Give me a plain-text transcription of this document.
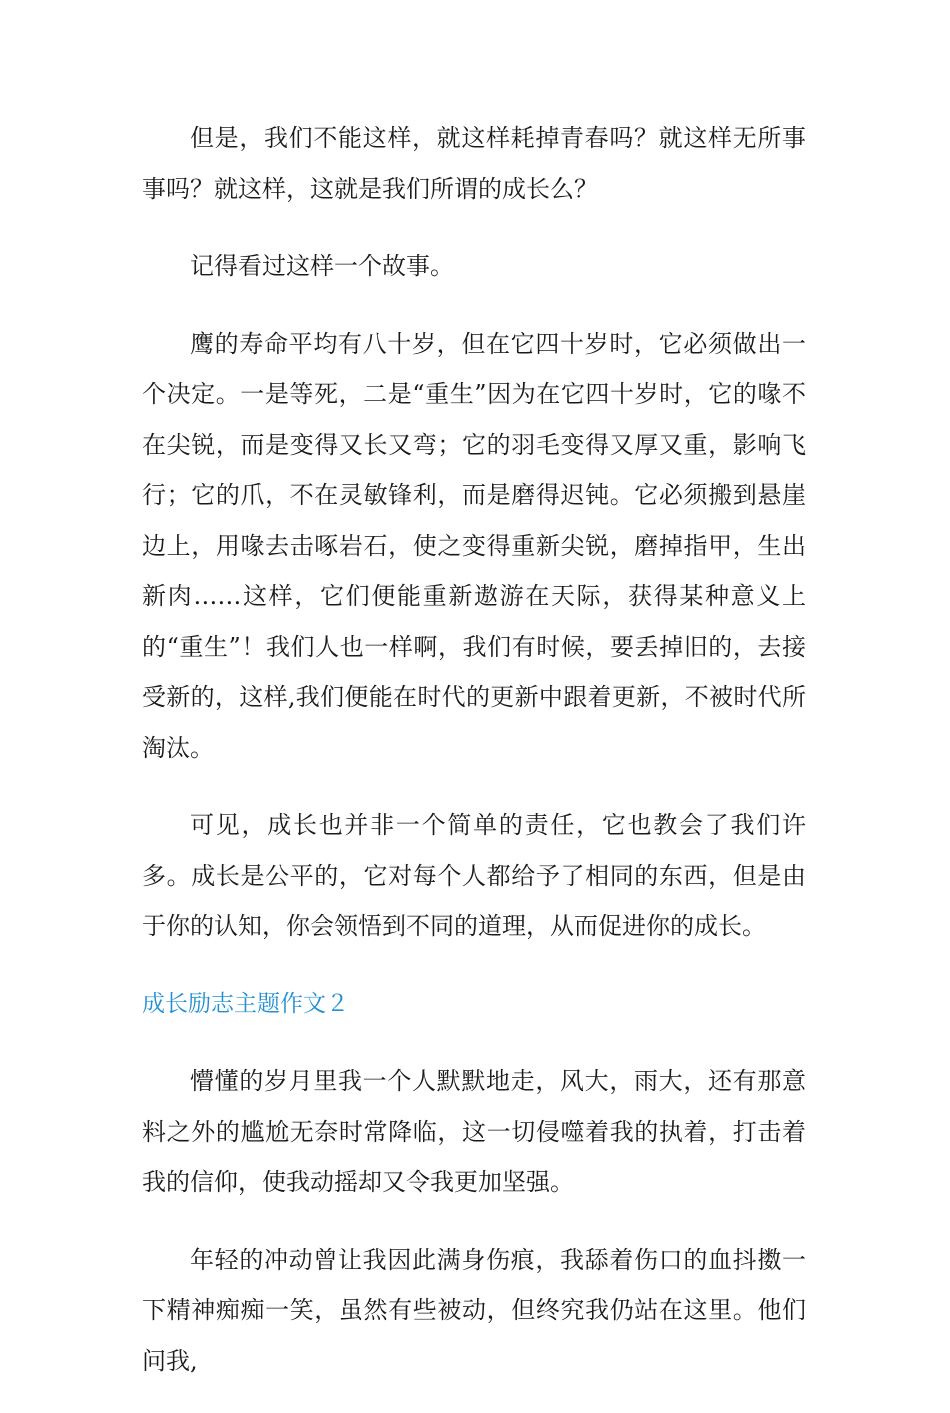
但是，我们不能这样，就这样耗掉青春吗？就这样无所事事吗？就这样，这就是我们所谓的成长么？

记得看过这样一个故事。

鹰的寿命平均有八十岁，但在它四十岁时，它必须做出一个决定。一是等死，二是“重生”因为在它四十岁时，它的喙不在尖锐，而是变得又长又弯；它的羽毛变得又厚又重，影响飞行；它的爪，不在灵敏锋利，而是磨得迟钝。它必须搬到悬崖边上，用喙去击啄岩石，使之变得重新尖锐，磨掉指甲，生出新肉……这样，它们便能重新遨游在天际，获得某种意义上的“重生”！我们人也一样啊，我们有时候，要丢掉旧的，去接受新的，这样,我们便能在时代的更新中跟着更新，不被时代所淘汰。

可见，成长也并非一个简单的责任，它也教会了我们许多。成长是公平的，它对每个人都给予了相同的东西，但是由于你的认知，你会领悟到不同的道理，从而促进你的成长。

成长励志主题作文２

懵懂的岁月里我一个人默默地走，风大，雨大，还有那意料之外的尴尬无奈时常降临，这一切侵噬着我的执着，打击着我的信仰，使我动摇却又令我更加坚强。

年轻的冲动曾让我因此满身伤痕，我舔着伤口的血抖擞一下精神痴痴一笑，虽然有些被动，但终究我仍站在这里。他们问我,
